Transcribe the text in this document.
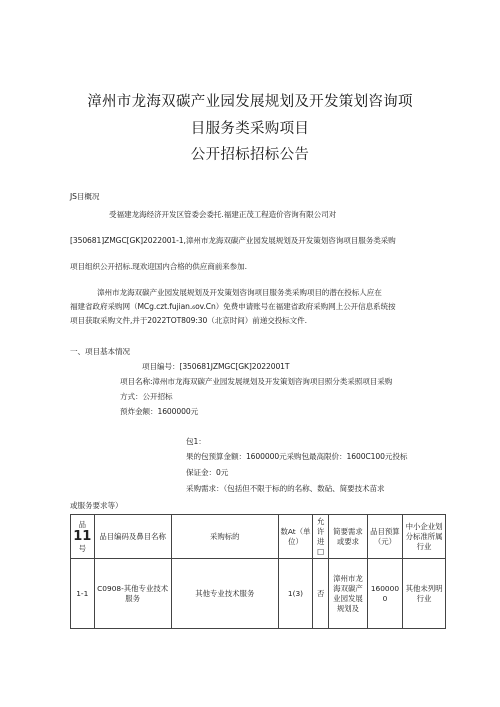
漳州市龙海双碳产业园发展规划及开发策划咨询项
目服务类采购项目
公开招标招标公告
JS目概况
受福建龙海经济开发区管委会委托.福建正茂工程造价咨询有限公司对
[350681]ZMGC[GK]2022001-1,漳州市龙海双碳产业园发展规划及开发策划咨询项目服务类采购
项目组织公开招标.现欢迎国内合格的供应商前来参加.
漳州市龙海双碳产业园发展规划及开发策划咨询项目服务类采购项目的潜在投标人应在
福建省政府采购网（MCg.czt.fujian.₆ov.Cn）免费申请账号在福建省政府采购网上公开信息系统按
项目获取采购文件,并于2022TOT809:30（北京时间）前递交投标文件.
一、项目基本情况
项目编号：[350681JZMGC[GK]2022001T
项目名称:漳州市龙海双碳产业园发展规划及开发策划咨询项目照分类采照项目采购
方式：公开招标
预炸金额：1600000元
包1：
果的包预算金额：1600000元采购包最高限价：1600C100元投标
保证金：0元
采购需求：（包括但不限于标的的名称、数砧、简要技术苗求
或服务要求等）
品
11
号	品目编码及鼻目名称	采购标的	数At（单位）	允许进□	简要需求或要求	品目预算（元）	中小企业划分标准所属行业
1-1	C0908-其他专业技术服务	其他专业技术服务	1(3)	否	漳州市龙海双碳产业园发展规划及	1600000	其他未列明行业
